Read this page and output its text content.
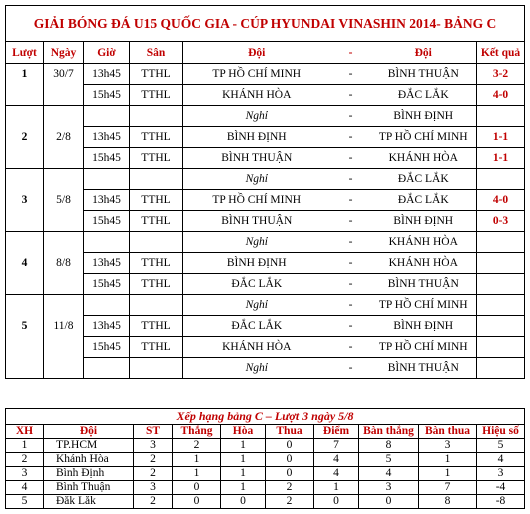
GIẢI BÓNG ĐÁ U15 QUỐC GIA - CÚP HYUNDAI VINASHIN 2014- BẢNG C							
Lượt	Ngày	Giờ	Sân	Đội	-	Đội	Kết quả
1	30/7	13h45	TTHL	TP HỒ CHÍ MINH	-	BÌNH THUẬN	3-2
		15h45	TTHL	KHÁNH HÒA	-	ĐẮC LẮK	4-0
				Nghỉ	-	BÌNH ĐỊNH	
2	2/8	13h45	TTHL	BÌNH ĐỊNH	-	TP HỒ CHÍ MINH	1-1
		15h45	TTHL	BÌNH THUẬN	-	KHÁNH HÒA	1-1
				Nghỉ	-	ĐẮC LẮK	
3	5/8	13h45	TTHL	TP HỒ CHÍ MINH	-	ĐẮC LẮK	4-0
		15h45	TTHL	BÌNH THUẬN	-	BÌNH ĐỊNH	0-3
				Nghỉ	-	KHÁNH HÒA	
4	8/8	13h45	TTHL	BÌNH ĐỊNH	-	KHÁNH HÒA	
		15h45	TTHL	ĐẮC LẮK	-	BÌNH THUẬN	
				Nghỉ	-	TP HỒ CHÍ MINH	
5	11/8	13h45	TTHL	ĐẮC LẮK	-	BÌNH ĐỊNH	
		15h45	TTHL	KHÁNH HÒA	-	TP HỒ CHÍ MINH	
				Nghỉ	-	BÌNH THUẬN	
Xếp hạng bảng C – Lượt 3 ngày 5/8									
XH	Đội	ST	Thắng	Hòa	Thua	Điểm	Bàn thắng	Bàn thua	Hiệu số
1	TP.HCM	3	2	1	0	7	8	3	5
2	Khánh Hòa	2	1	1	0	4	5	1	4
3	Bình Định	2	1	1	0	4	4	1	3
4	Bình Thuận	3	0	1	2	1	3	7	-4
5	Đăk Lăk	2	0	0	2	0	0	8	-8
